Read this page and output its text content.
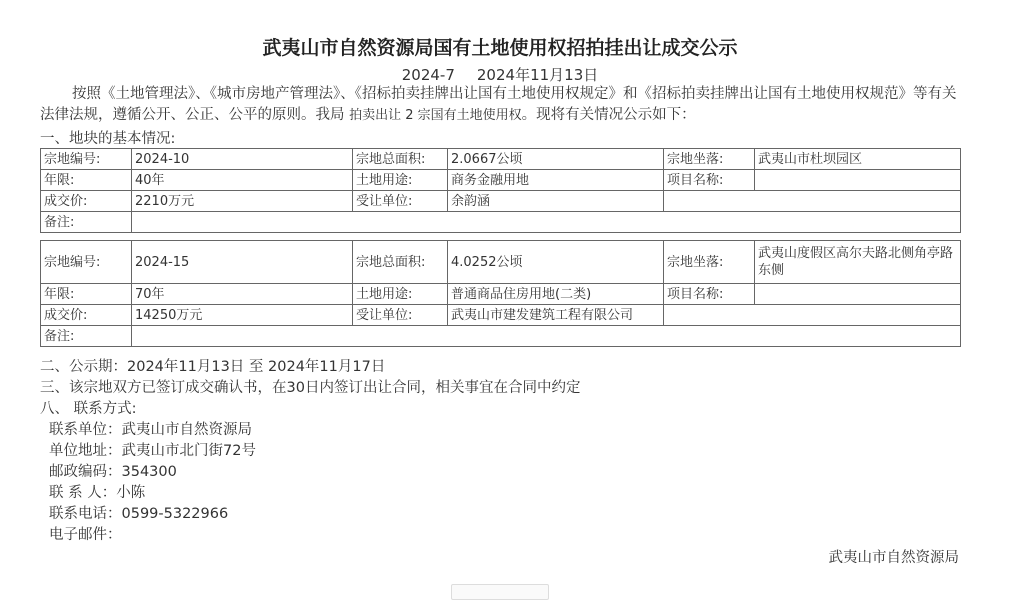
武夷山市自然资源局国有土地使用权招拍挂出让成交公示
2024-7 2024年11月13日
按照《土地管理法》、《城市房地产管理法》、《招标拍卖挂牌出让国有土地使用权规定》和《招标拍卖挂牌出让国有土地使用权规范》等有关法律法规，遵循公开、公正、公平的原则。我局 拍卖出让 2 宗国有土地使用权。现将有关情况公示如下：
一、地块的基本情况:
宗地编号:	2024-10	宗地总面积:	2.0667公顷	宗地坐落:	武夷山市杜坝园区
年限:	40年	土地用途:	商务金融用地	项目名称:	
成交价:	2210万元	受让单位:	余韵涵		
备注:					
宗地编号:	2024-15	宗地总面积:	4.0252公顷	宗地坐落:	武夷山度假区高尔夫路北侧角亭路东侧
年限:	70年	土地用途:	普通商品住房用地(二类)	项目名称:	
成交价:	14250万元	受让单位:	武夷山市建发建筑工程有限公司		
备注:					
二、公示期：2024年11月13日 至 2024年11月17日
三、该宗地双方已签订成交确认书，在30日内签订出让合同，相关事宜在合同中约定
八、 联系方式:
联系单位：武夷山市自然资源局
单位地址：武夷山市北门街72号
邮政编码：354300
联 系 人：小陈
联系电话：0599-5322966
电子邮件：
武夷山市自然资源局
